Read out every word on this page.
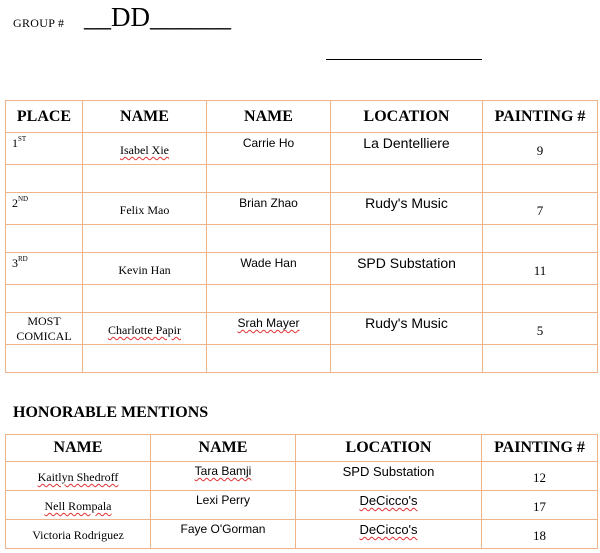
GROUP # __DD______
PLACE	NAME	NAME	LOCATION	PAINTING #

1ST	Isabel Xie	Carrie Ho	La Dentelliere	9

2ND	Felix Mao	Brian Zhao	Rudy's Music	7

3RD	Kevin Han	Wade Han	SPD Substation	11

MOST
COMICAL	Charlotte Papir	Srah Mayer	Rudy's Music	5

HONORABLE MENTIONS
NAME	NAME	LOCATION	PAINTING #

Kaitlyn Shedroff	Tara Bamji	SPD Substation	12

Nell Rompala	Lexi Perry	DeCicco's	17

Victoria Rodriguez	Faye O'Gorman	DeCicco's	18
